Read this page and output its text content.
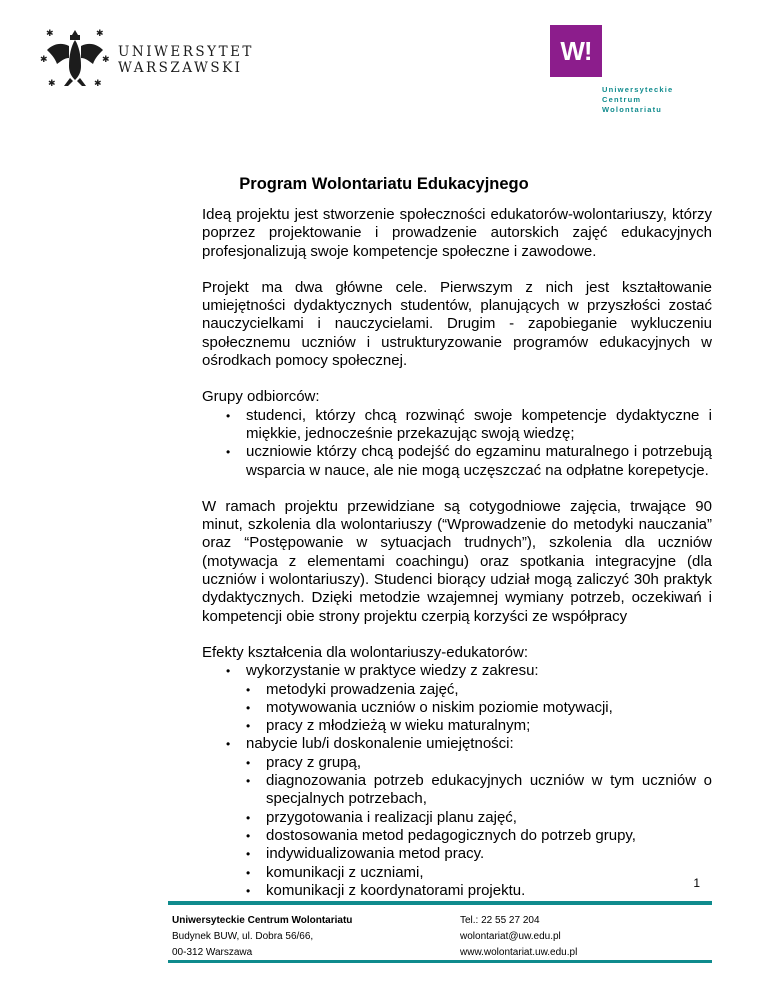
✱	✱
✱	✱
✱	✱
UNIWERSYTET
WARSZAWSKI
W!
Uniwersyteckie
Centrum
Wolontariatu
Program Wolontariatu Edukacyjnego

Ideą projektu jest stworzenie społeczności edukatorów-wolontariuszy, którzy poprzez projektowanie i prowadzenie autorskich zajęć edukacyjnych profesjonalizują swoje kompetencje społeczne i zawodowe.

Projekt ma dwa główne cele. Pierwszym z nich jest kształtowanie umiejętności dydaktycznych studentów, planujących w przyszłości zostać nauczycielkami i nauczycielami. Drugim - zapobieganie wykluczeniu społecznemu uczniów i ustrukturyzowanie programów edukacyjnych w ośrodkach pomocy społecznej.

Grupy odbiorców:
• studenci, którzy chcą rozwinąć swoje kompetencje dydaktyczne i miękkie, jednocześnie przekazując swoją wiedzę;
• uczniowie którzy chcą podejść do egzaminu maturalnego i potrzebują wsparcia w nauce, ale nie mogą uczęszczać na odpłatne korepetycje.

W ramach projektu przewidziane są cotygodniowe zajęcia, trwające 90 minut, szkolenia dla wolontariuszy (“Wprowadzenie do metodyki nauczania” oraz “Postępowanie w sytuacjach trudnych”), szkolenia dla uczniów (motywacja z elementami coachingu) oraz spotkania integracyjne (dla uczniów i wolontariuszy). Studenci biorący udział mogą zaliczyć 30h praktyk dydaktycznych. Dzięki metodzie wzajemnej wymiany potrzeb, oczekiwań i kompetencji obie strony projektu czerpią korzyści ze współpracy

Efekty kształcenia dla wolontariuszy-edukatorów:
• wykorzystanie w praktyce wiedzy z zakresu:
• metodyki prowadzenia zajęć,
• motywowania uczniów o niskim poziomie motywacji,
• pracy z młodzieżą w wieku maturalnym;
• nabycie lub/i doskonalenie umiejętności:
• pracy z grupą,
• diagnozowania potrzeb edukacyjnych uczniów w tym uczniów o specjalnych potrzebach,
• przygotowania i realizacji planu zajęć,
• dostosowania metod pedagogicznych do potrzeb grupy,
• indywidualizowania metod pracy.
• komunikacji z uczniami,
• komunikacji z koordynatorami projektu.	1
Uniwersyteckie Centrum Wolontariatu
Budynek BUW, ul. Dobra 56/66,
00-312 Warszawa
Tel.: 22 55 27 204
wolontariat@uw.edu.pl
www.wolontariat.uw.edu.pl
